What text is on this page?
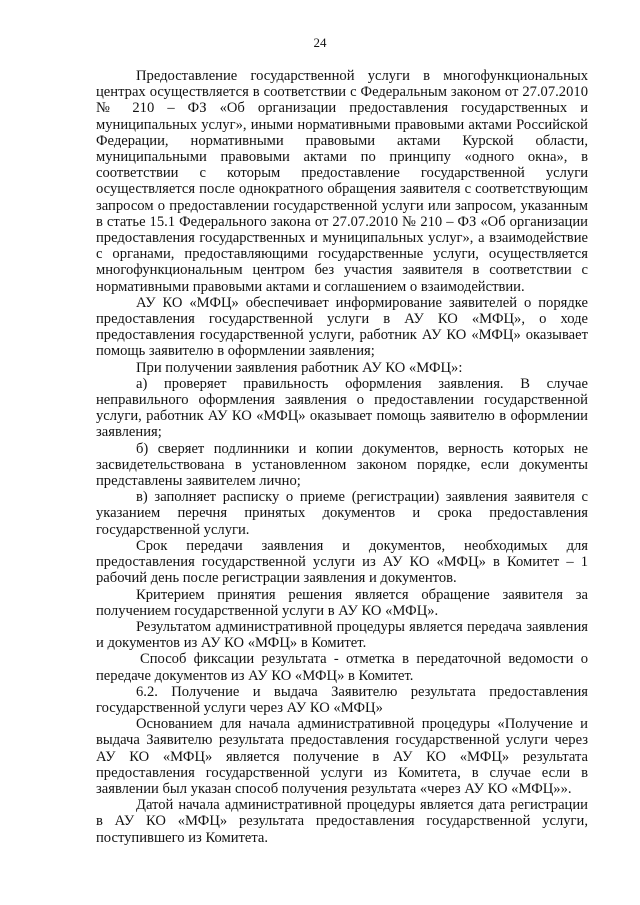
24

Предоставление государственной услуги в многофункциональных центрах осуществляется в соответствии с Федеральным законом от 27.07.2010 № 210 – ФЗ «Об организации предоставления государственных и муниципальных услуг», иными нормативными правовыми актами Российской Федерации, нормативными правовыми актами Курской области, муниципальными правовыми актами по принципу «одного окна», в соответствии с которым предоставление государственной услуги осуществляется после однократного обращения заявителя с соответствующим запросом о предоставлении государственной услуги или запросом, указанным в статье 15.1 Федерального закона от 27.07.2010 № 210 – ФЗ «Об организации предоставления государственных и муниципальных услуг», а взаимодействие с органами, предоставляющими государственные услуги, осуществляется многофункциональным центром без участия заявителя в соответствии с нормативными правовыми актами и соглашением о взаимодействии.

АУ КО «МФЦ» обеспечивает информирование заявителей о порядке предоставления государственной услуги в АУ КО «МФЦ», о ходе предоставления государственной услуги, работник АУ КО «МФЦ» оказывает помощь заявителю в оформлении заявления;

При получении заявления работник АУ КО «МФЦ»:

а) проверяет правильность оформления заявления. В случае неправильного оформления заявления о предоставлении государственной услуги, работник АУ КО «МФЦ» оказывает помощь заявителю в оформлении заявления;

б) сверяет подлинники и копии документов, верность которых не засвидетельствована в установленном законом порядке, если документы представлены заявителем лично;

в) заполняет расписку о приеме (регистрации) заявления заявителя с указанием перечня принятых документов и срока предоставления государственной услуги.

Срок передачи заявления и документов, необходимых для предоставления государственной услуги из АУ КО «МФЦ» в Комитет – 1 рабочий день после регистрации заявления и документов.

Критерием принятия решения является обращение заявителя за получением государственной услуги в АУ КО «МФЦ».

Результатом административной процедуры является передача заявления и документов из АУ КО «МФЦ» в Комитет.

Способ фиксации результата - отметка в передаточной ведомости о передаче документов из АУ КО «МФЦ» в Комитет.

6.2. Получение и выдача Заявителю результата предоставления государственной услуги через АУ КО «МФЦ»

Основанием для начала административной процедуры «Получение и выдача Заявителю результата предоставления государственной услуги через АУ КО «МФЦ» является получение в АУ КО «МФЦ» результата предоставления государственной услуги из Комитета, в случае если в заявлении был указан способ получения результата «через АУ КО «МФЦ»».

Датой начала административной процедуры является дата регистрации в АУ КО «МФЦ» результата предоставления государственной услуги, поступившего из Комитета.
